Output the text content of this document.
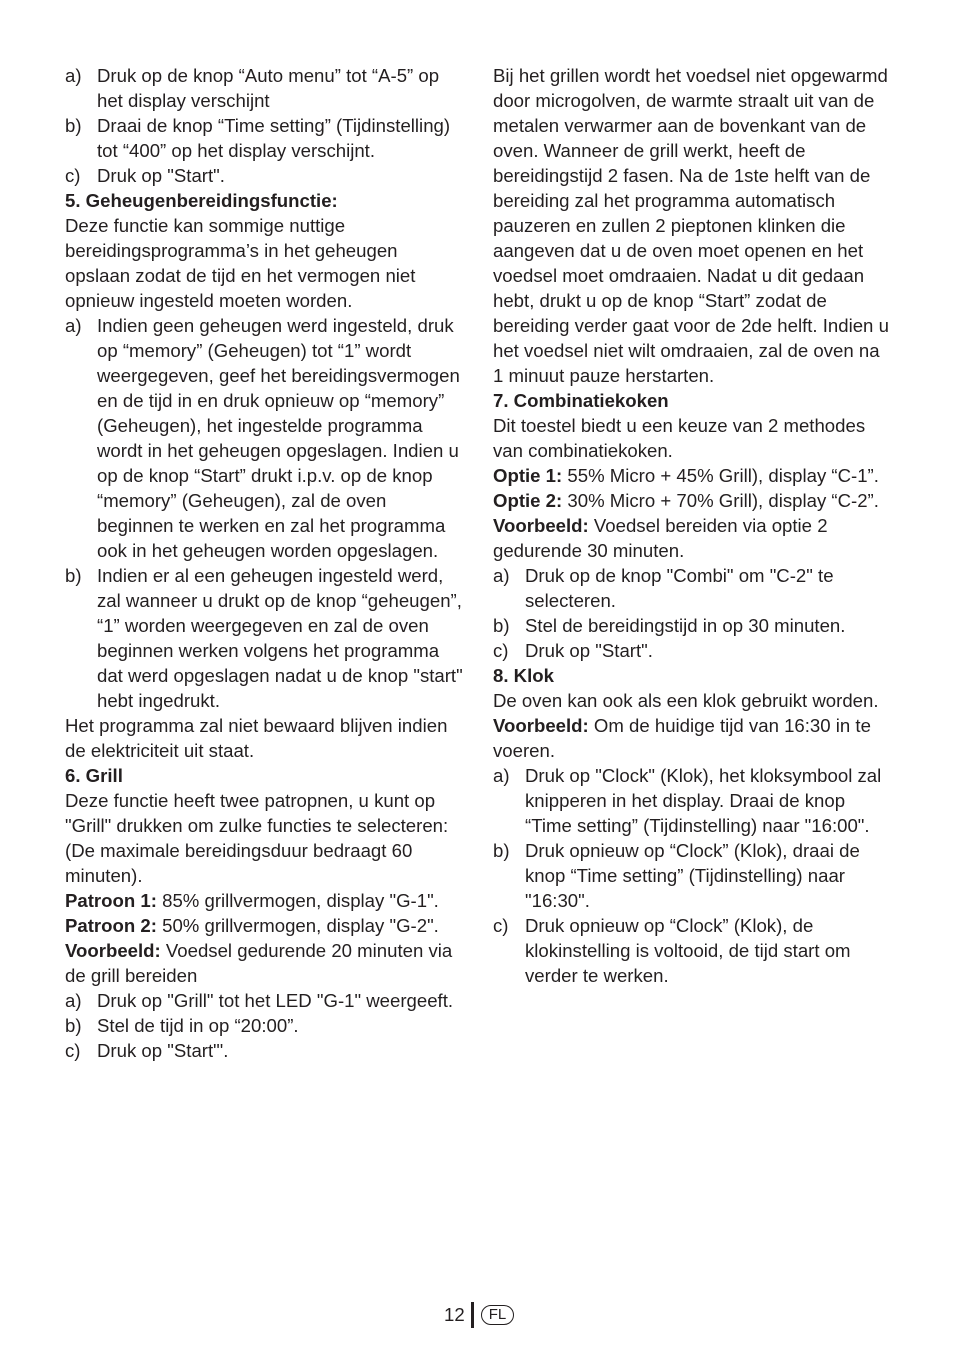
a) Druk op de knop “Auto menu” tot “A-5” op het display verschijnt
b) Draai de knop “Time setting” (Tijdinstelling) tot “400” op het display verschijnt.
c) Druk op "Start".

5. Geheugenbereidingsfunctie:

Deze functie kan sommige nuttige bereidingsprogramma’s in het geheugen opslaan zodat de tijd en het vermogen niet opnieuw ingesteld moeten worden.

a) Indien geen geheugen werd ingesteld, druk op “memory” (Geheugen) tot “1” wordt weergegeven, geef het bereidingsvermogen en de tijd in en druk opnieuw op “memory” (Geheugen), het ingestelde programma wordt in het geheugen opgeslagen. Indien u op de knop “Start” drukt i.p.v. op de knop “memory” (Geheugen), zal de oven beginnen te werken en zal het programma ook in het geheugen worden opgeslagen.
b) Indien er al een geheugen ingesteld werd, zal wanneer u drukt op de knop “geheugen”, “1” worden weergegeven en zal de oven beginnen werken volgens het programma dat werd opgeslagen nadat u de knop "start" hebt ingedrukt.

Het programma zal niet bewaard blijven indien de elektriciteit uit staat.

6. Grill

Deze functie heeft twee patropnen, u kunt op "Grill" drukken om zulke functies te selecteren: (De maximale bereidingsduur bedraagt 60 minuten).

Patroon 1: 85% grillvermogen, display "G-1".

Patroon 2: 50% grillvermogen, display "G-2".

Voorbeeld: Voedsel gedurende 20 minuten via de grill bereiden

a) Druk op "Grill" tot het LED "G-1" weergeeft.
b) Stel de tijd in op “20:00”.
c) Druk op "Start"'.

Bij het grillen wordt het voedsel niet opgewarmd door microgolven, de warmte straalt uit van de metalen verwarmer aan de bovenkant van de oven. Wanneer de grill werkt, heeft de bereidingstijd 2 fasen. Na de 1ste helft van de bereiding zal het programma automatisch pauzeren en zullen 2 pieptonen klinken die aangeven dat u de oven moet openen en het voedsel moet omdraaien. Nadat u dit gedaan hebt, drukt u op de knop “Start” zodat de bereiding verder gaat voor de 2de helft. Indien u het voedsel niet wilt omdraaien, zal de oven na 1 minuut pauze herstarten.

7. Combinatiekoken

Dit toestel biedt u een keuze van 2 methodes van combinatiekoken.

Optie 1: 55% Micro + 45% Grill), display “C-1”.

Optie 2: 30% Micro + 70% Grill), display “C-2”.

Voorbeeld: Voedsel bereiden via optie 2 gedurende 30 minuten.

a) Druk op de knop "Combi" om "C-2" te selecteren.
b) Stel de bereidingstijd in op 30 minuten.
c) Druk op "Start".

8. Klok

De oven kan ook als een klok gebruikt worden.

Voorbeeld: Om de huidige tijd van 16:30 in te voeren.

a) Druk op "Clock" (Klok), het kloksymbool zal knipperen in het display. Draai de knop “Time setting” (Tijdinstelling) naar "16:00".
b) Druk opnieuw op “Clock” (Klok), draai de knop “Time setting” (Tijdinstelling) naar "16:30".
c) Druk opnieuw op “Clock” (Klok), de klokinstelling is voltooid, de tijd start om verder te werken.
12	FL
